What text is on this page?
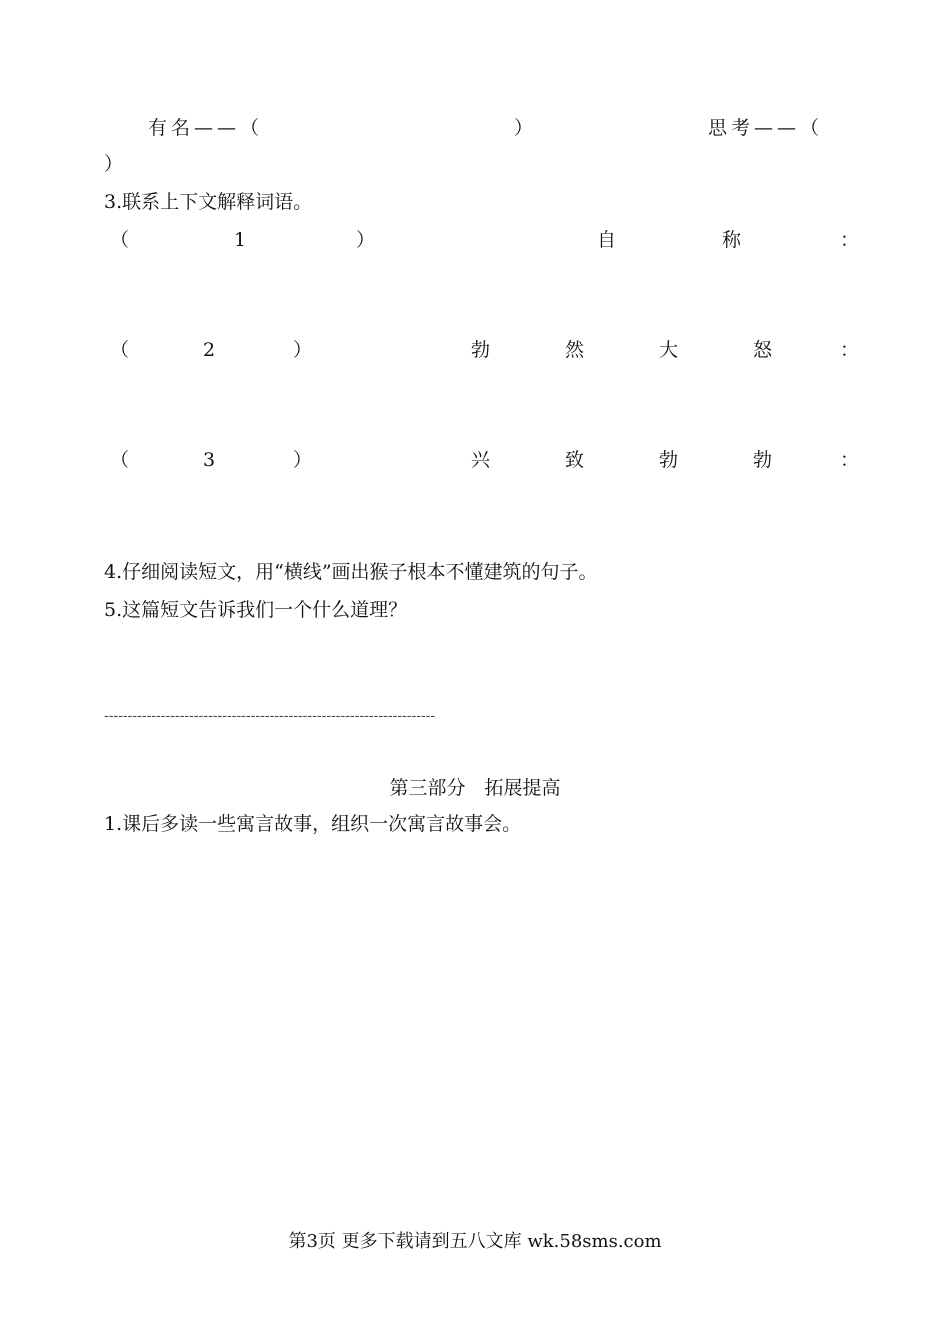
有名——（	）	思考——（
）
3.联系上下文解释词语。
（	1	）	自	称	：
（	2	）	勃	然	大	怒	：
（	3	）	兴	致	勃	勃	：
4.仔细阅读短文，用“横线”画出猴子根本不懂建筑的句子。
5.这篇短文告诉我们一个什么道理？
----------------------------------------------------------------------
第三部分　拓展提高
1.课后多读一些寓言故事，组织一次寓言故事会。
第3页 更多下载请到五八文库 wk.58sms.com
